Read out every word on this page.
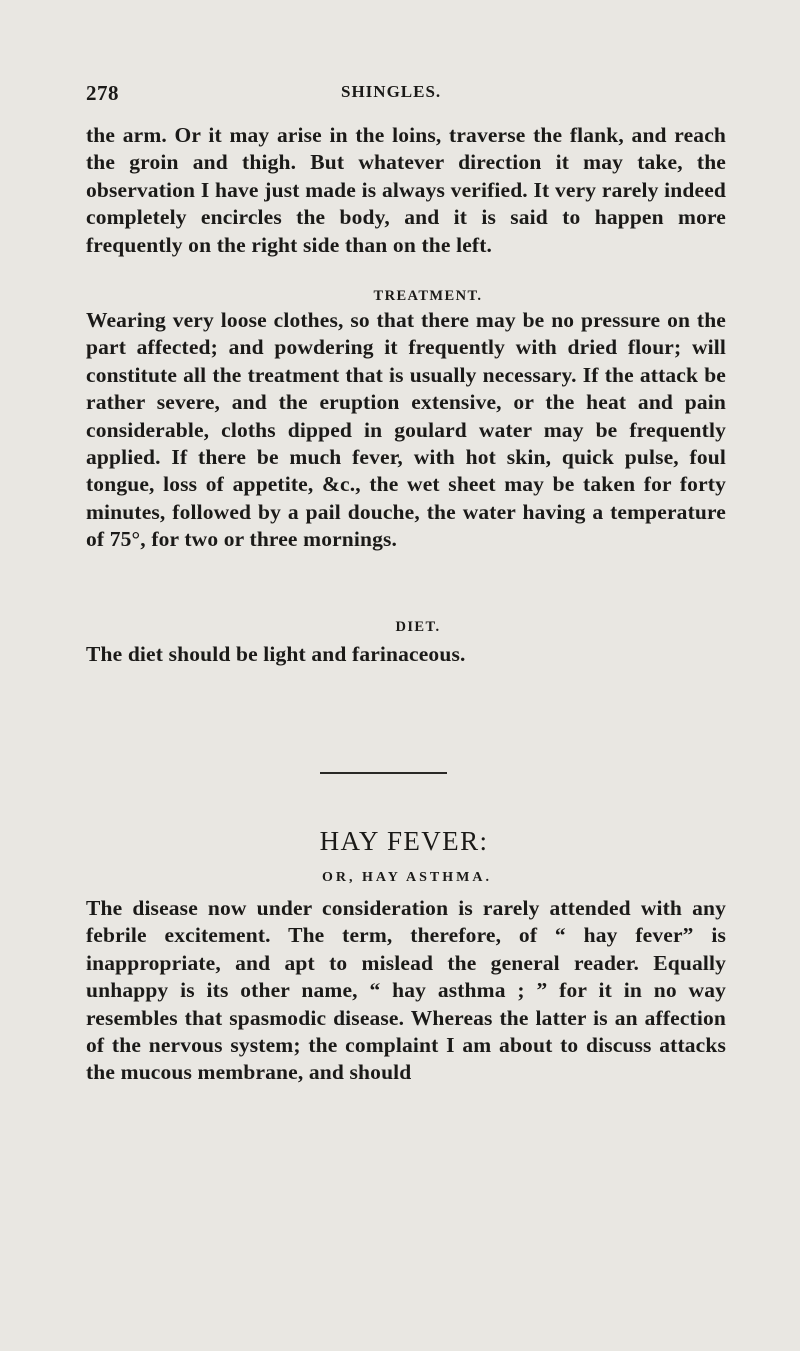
278	SHINGLES.
the arm. Or it may arise in the loins, traverse the flank, and reach the groin and thigh. But whatever direction it may take, the observation I have just made is always verified. It very rarely indeed completely encircles the body, and it is said to happen more frequently on the right side than on the left.
TREATMENT.
Wearing very loose clothes, so that there may be no pressure on the part affected; and powdering it frequently with dried flour; will constitute all the treatment that is usually necessary. If the attack be rather severe, and the eruption extensive, or the heat and pain considerable, cloths dipped in goulard water may be frequently applied. If there be much fever, with hot skin, quick pulse, foul tongue, loss of appetite, &c., the wet sheet may be taken for forty minutes, followed by a pail douche, the water having a temperature of 75°, for two or three mornings.
DIET.
The diet should be light and farinaceous.
HAY FEVER:
OR, HAY ASTHMA.
The disease now under consideration is rarely attended with any febrile excitement. The term, therefore, of “ hay fever” is inappropriate, and apt to mislead the general reader. Equally unhappy is its other name, “ hay asthma ; ” for it in no way resembles that spasmodic disease. Whereas the latter is an affection of the nervous system; the complaint I am about to discuss attacks the mucous membrane, and should
